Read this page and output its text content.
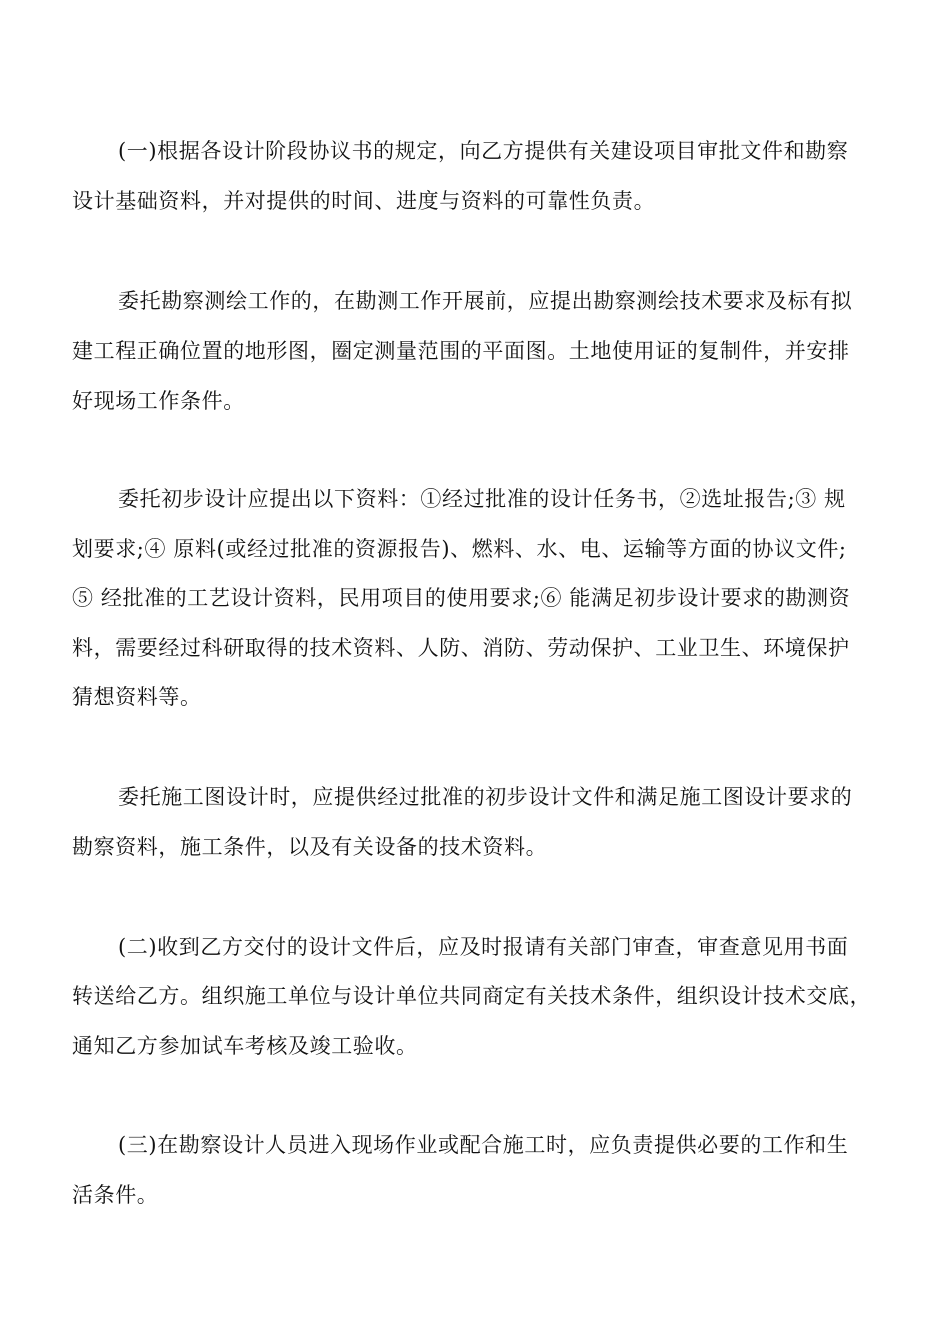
(一)根据各设计阶段协议书的规定，向乙方提供有关建设项目审批文件和勘察
设计基础资料，并对提供的时间、进度与资料的可靠性负责。
委托勘察测绘工作的，在勘测工作开展前，应提出勘察测绘技术要求及标有拟
建工程正确位置的地形图，圈定测量范围的平面图。土地使用证的复制件，并安排
好现场工作条件。
委托初步设计应提出以下资料：①经过批准的设计任务书，②选址报告;③ 规
划要求;④ 原料(或经过批准的资源报告)、燃料、水、电、运输等方面的协议文件;
⑤ 经批准的工艺设计资料，民用项目的使用要求;⑥ 能满足初步设计要求的勘测资
料，需要经过科研取得的技术资料、人防、消防、劳动保护、工业卫生、环境保护
猜想资料等。
委托施工图设计时，应提供经过批准的初步设计文件和满足施工图设计要求的
勘察资料，施工条件，以及有关设备的技术资料。
(二)收到乙方交付的设计文件后，应及时报请有关部门审查，审查意见用书面
转送给乙方。组织施工单位与设计单位共同商定有关技术条件，组织设计技术交底，
通知乙方参加试车考核及竣工验收。
(三)在勘察设计人员进入现场作业或配合施工时，应负责提供必要的工作和生
活条件。
